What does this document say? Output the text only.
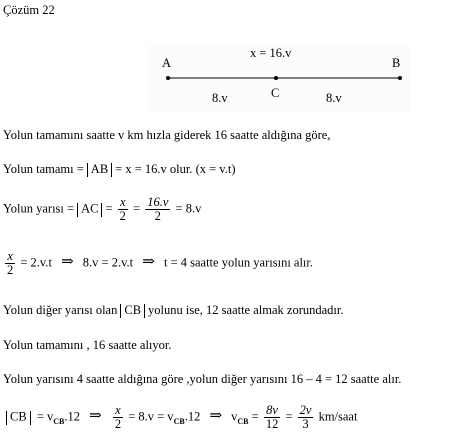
Çözüm 22
x = 16.v
A	B
C
8.v	8.v
Yolun tamamını saatte v km hızla giderek 16 saatte aldığına göre,
Yolun tamamı = AB = x = 16.v olur. (x = v.t)
Yolun yarısı = AC = $\frac{x}{2} = \frac{16.v}{2} = 8.v$
$\frac{x}{2} = 2.v.t$ ⇒ 8.v = 2.v.t ⇒ t = 4 saatte yolun yarısını alır.
Yolun diğer yarısı olan CB yolunu ise, 12 saatte almak zorundadır.
Yolun tamamını , 16 saatte alıyor.
Yolun yarısını 4 saatte aldığına göre ,yolun diğer yarısını 16 – 4 = 12 saatte alır.
CB = $v_{CB}.12$ ⇒ $\frac{x}{2} = 8.v = v_{CB}.12$ ⇒ $v_{CB} = \frac{8v}{12} = \frac{2v}{3}$ km/saat
